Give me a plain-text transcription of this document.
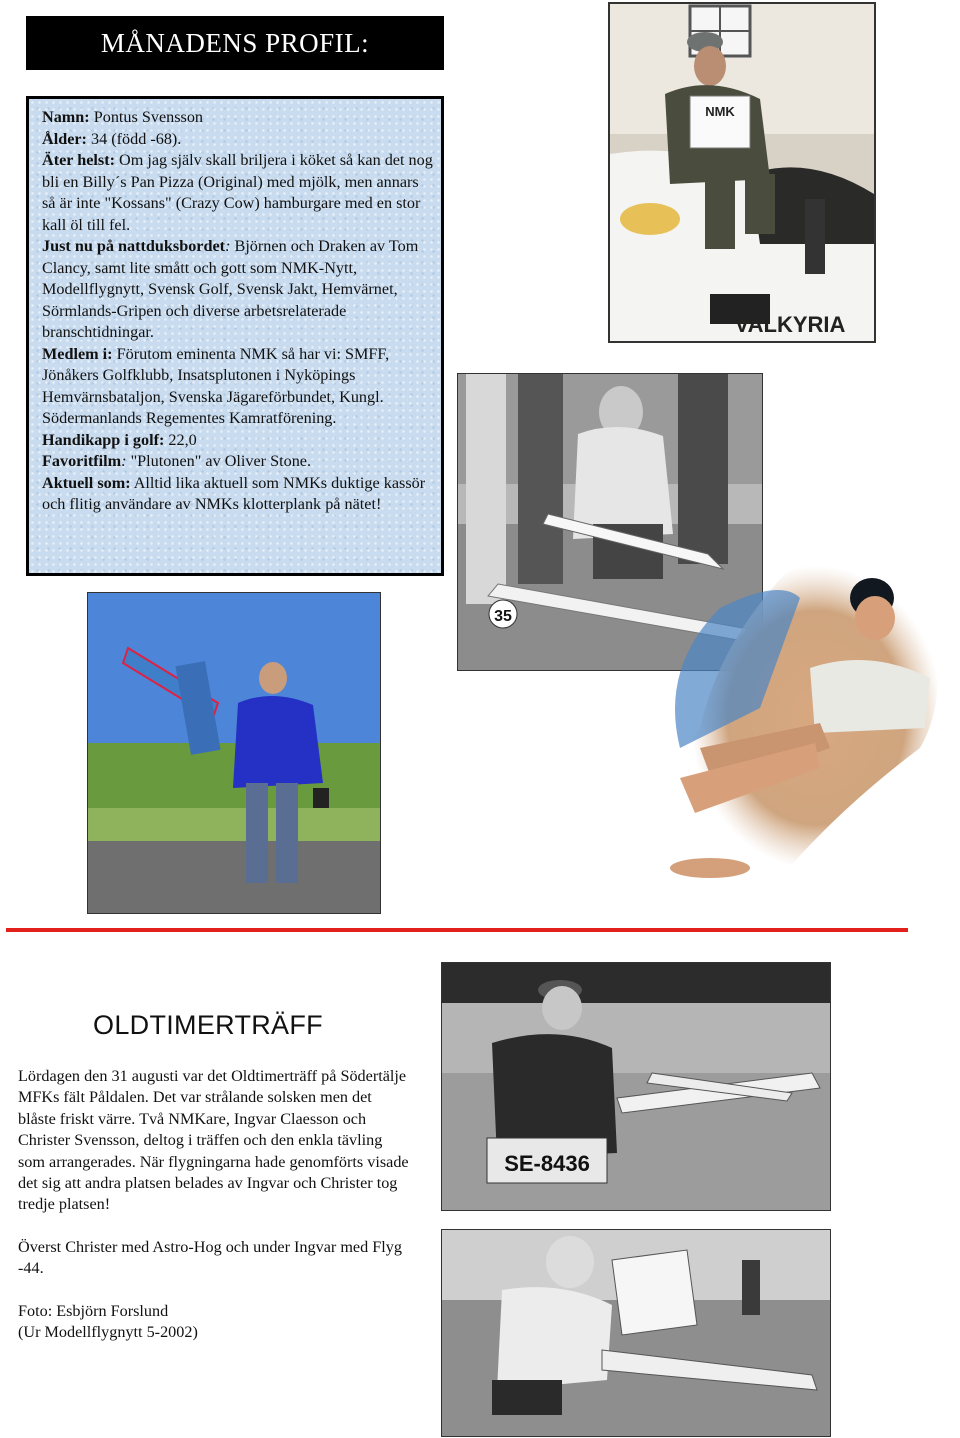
MÅNADENS PROFIL:
Namn: Pontus Svensson
Ålder: 34 (född -68).
Äter helst: Om jag själv skall briljera i köket så kan det nog bli en Billy´s Pan Pizza (Original) med mjölk, men annars så är inte "Kossans" (Crazy Cow) hamburgare med en stor kall öl till fel.
Just nu på nattduksbordet: Björnen och Draken av Tom Clancy, samt lite smått och gott som NMK-Nytt, Modellflygnytt, Svensk Golf, Svensk Jakt, Hemvärnet, Sörmlands-Gripen och diverse arbetsrelaterade branschtidningar.
Medlem i: Förutom eminenta NMK så har vi: SMFF, Jönåkers Golfklubb, Insatsplutonen i Nyköpings Hemvärnsbataljon, Svenska Jägareförbundet, Kungl. Södermanlands Regementes Kamratförening.
Handikapp i golf: 22,0
Favoritfilm: "Plutonen" av Oliver Stone.
Aktuell som: Alltid lika aktuell som NMKs duktige kassör och flitig användare av NMKs klotterplank på nätet!
NMK
VALKYRIA
35
OLDTIMERTRÄFF

Lördagen den 31 augusti var det Oldtimerträff på Södertälje MFKs fält Påldalen. Det var strålande solsken men det blåste friskt värre. Två NMKare, Ingvar Claesson och Christer Svensson, deltog i träffen och den enkla tävling som arrangerades. När flygningarna hade genomförts visade det sig att andra platsen belades av Ingvar och Christer tog tredje platsen!

Överst Christer med Astro-Hog och under Ingvar med Flyg -44.

Foto: Esbjörn Forslund
(Ur Modellflygnytt 5-2002)
SE-8436
